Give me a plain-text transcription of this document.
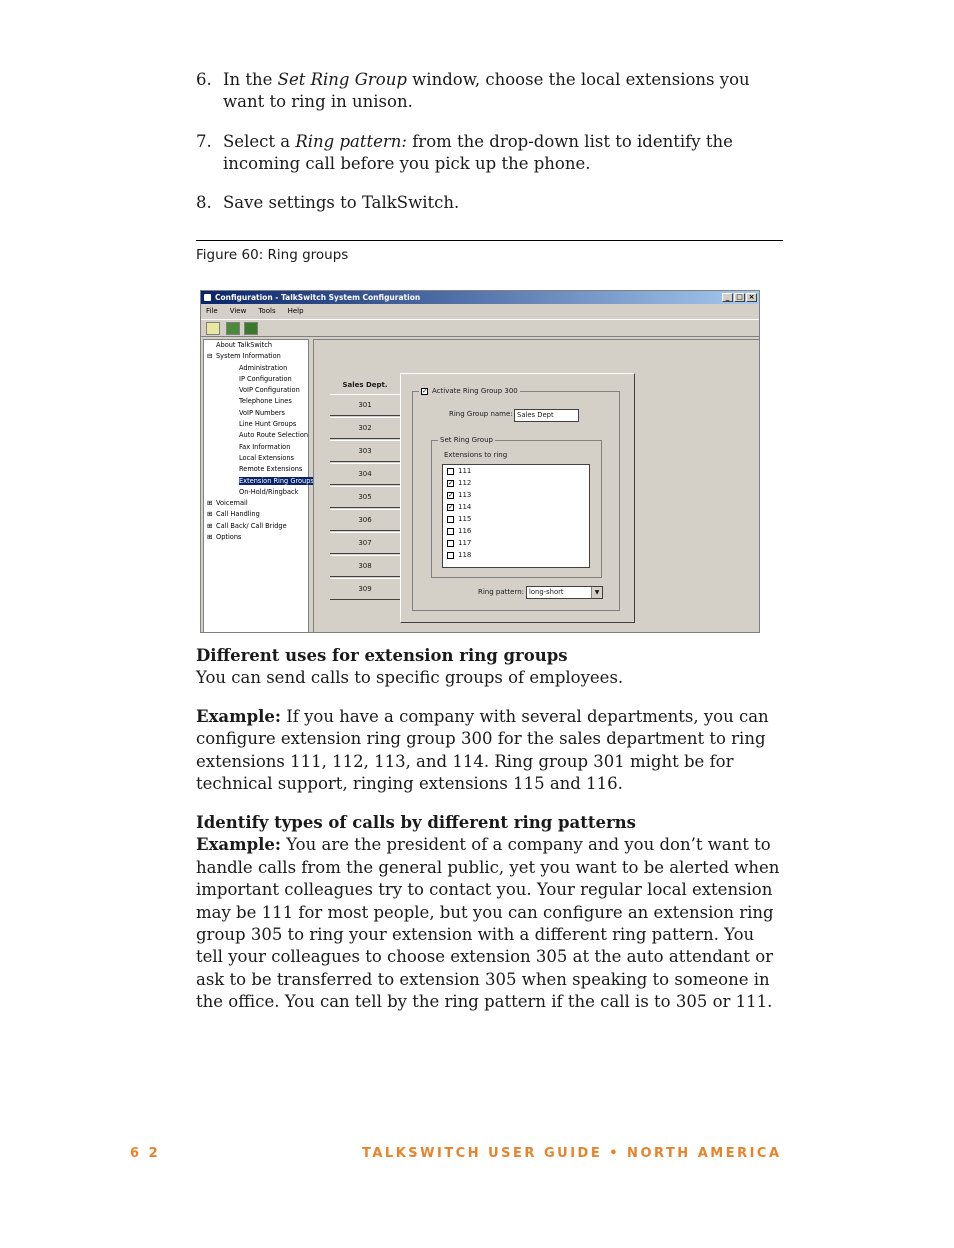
6. In the Set Ring Group window, choose the local extensions you want to ring in unison.
7. Select a Ring pattern: from the drop-down list to identify the incoming call before you pick up the phone.
8. Save settings to TalkSwitch.
Figure 60: Ring groups
Configuration - TalkSwitch System Configuration	_ □ ×
File View Tools Help
About TalkSwitch
⊟ System Information
Administration
IP Configuration
VoIP Configuration
Telephone Lines
VoIP Numbers
Line Hunt Groups
Auto Route Selection
Fax Information
Local Extensions
Remote Extensions
Extension Ring Groups
On-Hold/Ringback
⊞ Voicemail
⊞ Call Handling
⊞ Call Back/ Call Bridge
⊞ Options
Sales Dept.
301
302
303
304
305
306
307
308
309
✓ Activate Ring Group 300
Ring Group name: Sales Dept
Set Ring Group
Extensions to ring
111
✓ 112
✓ 113
✓ 114
115
116
117
118
Ring pattern: long-short	▼
Different uses for extension ring groups
You can send calls to specific groups of employees.
Example: If you have a company with several departments, you can configure extension ring group 300 for the sales department to ring extensions 111, 112, 113, and 114. Ring group 301 might be for technical support, ringing extensions 115 and 116.
Identify types of calls by different ring patterns
Example: You are the president of a company and you don’t want to handle calls from the general public, yet you want to be alerted when important colleagues try to contact you. Your regular local extension may be 111 for most people, but you can configure an extension ring group 305 to ring your extension with a different ring pattern. You tell your colleagues to choose extension 305 at the auto attendant or ask to be transferred to extension 305 when speaking to someone in the office. You can tell by the ring pattern if the call is to 305 or 111.
6 2	TALKSWITCH USER GUIDE • NORTH AMERICA
